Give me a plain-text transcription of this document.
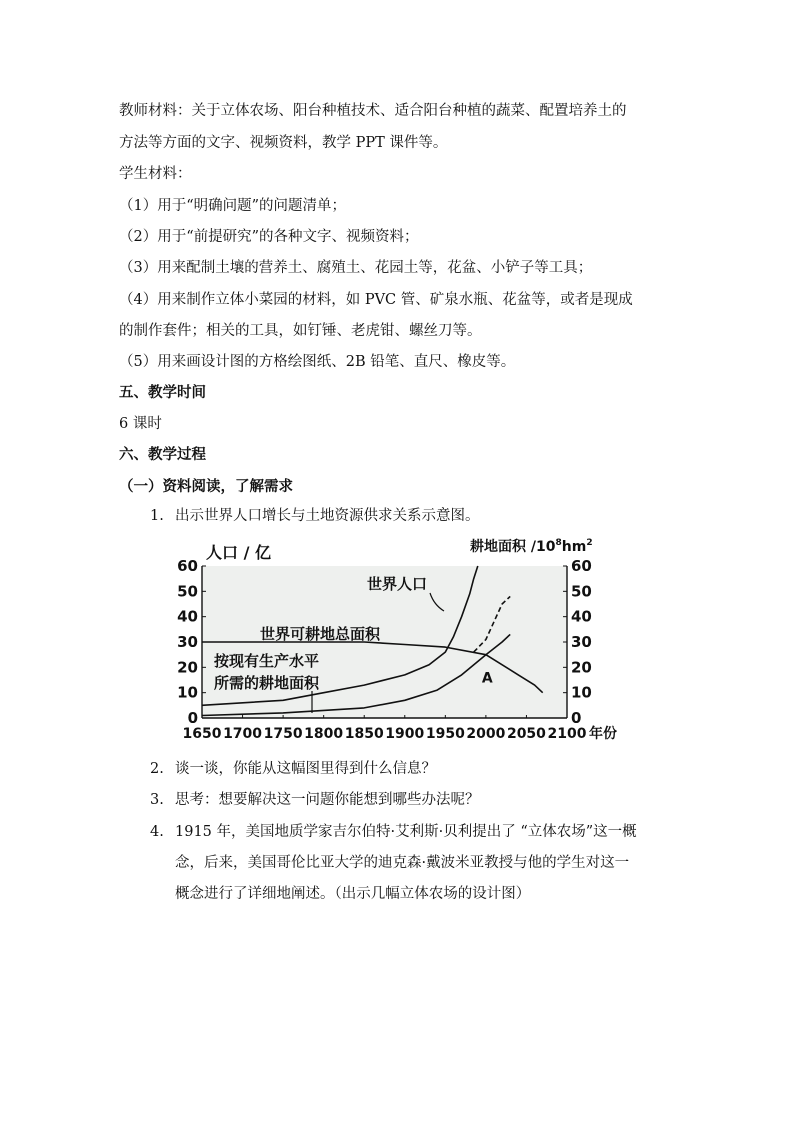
教师材料：关于立体农场、阳台种植技术、适合阳台种植的蔬菜、配置培养土的
方法等方面的文字、视频资料，教学 PPT 课件等。
学生材料：
（1）用于“明确问题”的问题清单；
（2）用于“前提研究”的各种文字、视频资料；
（3）用来配制土壤的营养土、腐殖土、花园土等，花盆、小铲子等工具；
（4）用来制作立体小菜园的材料，如 PVC 管、矿泉水瓶、花盆等，或者是现成
的制作套件；相关的工具，如钉锤、老虎钳、螺丝刀等。
（5）用来画设计图的方格绘图纸、2B 铅笔、直尺、橡皮等。
五、教学时间
6 课时
六、教学过程
（一）资料阅读，了解需求
1. 出示世界人口增长与土地资源供求关系示意图。
0	0
10	10
20	20
30	30
40	40
50	50
60	60
1650 1700 1750 1800 1850 1900 1950 2000 2050 2100 年份
人口 / 亿	耕地面积 $/10^8hm^2$
世界人口
世界可耕地总面积
按现有生产水平
所需的耕地面积	A
2. 谈一谈，你能从这幅图里得到什么信息？
3. 思考：想要解决这一问题你能想到哪些办法呢？
4. 1915 年，美国地质学家吉尔伯特·艾利斯·贝利提出了 “立体农场”这一概
念，后来，美国哥伦比亚大学的迪克森·戴波米亚教授与他的学生对这一
概念进行了详细地阐述。（出示几幅立体农场的设计图）
